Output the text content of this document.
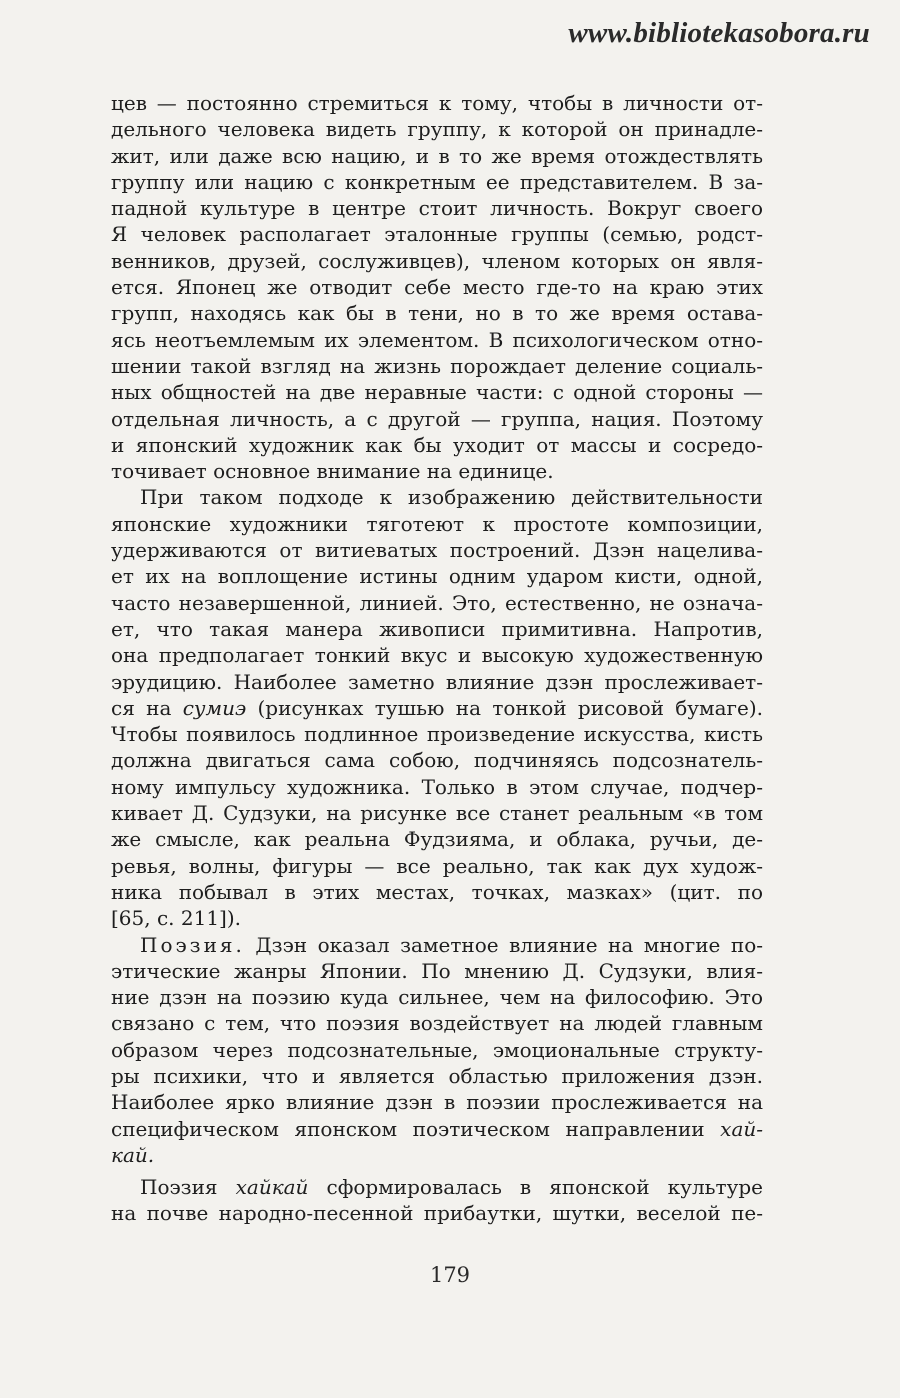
www.bibliotekasobora.ru
цев — постоянно стремиться к тому, чтобы в личности от-
дельного человека видеть группу, к которой он принадле-
жит, или даже всю нацию, и в то же время отождествлять
группу или нацию с конкретным ее представителем. В за-
падной культуре в центре стоит личность. Вокруг своего
Я человек располагает эталонные группы (семью, родст-
венников, друзей, сослуживцев), членом которых он явля-
ется. Японец же отводит себе место где-то на краю этих
групп, находясь как бы в тени, но в то же время остава-
ясь неотъемлемым их элементом. В психологическом отно-
шении такой взгляд на жизнь порождает деление социаль-
ных общностей на две неравные части: с одной стороны —
отдельная личность, а с другой — группа, нация. Поэтому
и японский художник как бы уходит от массы и сосредо-
точивает основное внимание на единице.
При таком подходе к изображению действительности
японские художники тяготеют к простоте композиции,
удерживаются от витиеватых построений. Дзэн нацелива-
ет их на воплощение истины одним ударом кисти, одной,
часто незавершенной, линией. Это, естественно, не означа-
ет, что такая манера живописи примитивна. Напротив,
она предполагает тонкий вкус и высокую художественную
эрудицию. Наиболее заметно влияние дзэн прослеживает-
ся на сумиэ (рисунках тушью на тонкой рисовой бумаге).
Чтобы появилось подлинное произведение искусства, кисть
должна двигаться сама собою, подчиняясь подсознатель-
ному импульсу художника. Только в этом случае, подчер-
кивает Д. Судзуки, на рисунке все станет реальным «в том
же смысле, как реальна Фудзияма, и облака, ручьи, де-
ревья, волны, фигуры — все реально, так как дух худож-
ника побывал в этих местах, точках, мазках» (цит. по
[65, с. 211]).
Поэзия. Дзэн оказал заметное влияние на многие по-
этические жанры Японии. По мнению Д. Судзуки, влия-
ние дзэн на поэзию куда сильнее, чем на философию. Это
связано с тем, что поэзия воздействует на людей главным
образом через подсознательные, эмоциональные структу-
ры психики, что и является областью приложения дзэн.
Наиболее ярко влияние дзэн в поэзии прослеживается на
специфическом японском поэтическом направлении хай-
кай.
Поэзия хайкай сформировалась в японской культуре
на почве народно-песенной прибаутки, шутки, веселой пе-
179
